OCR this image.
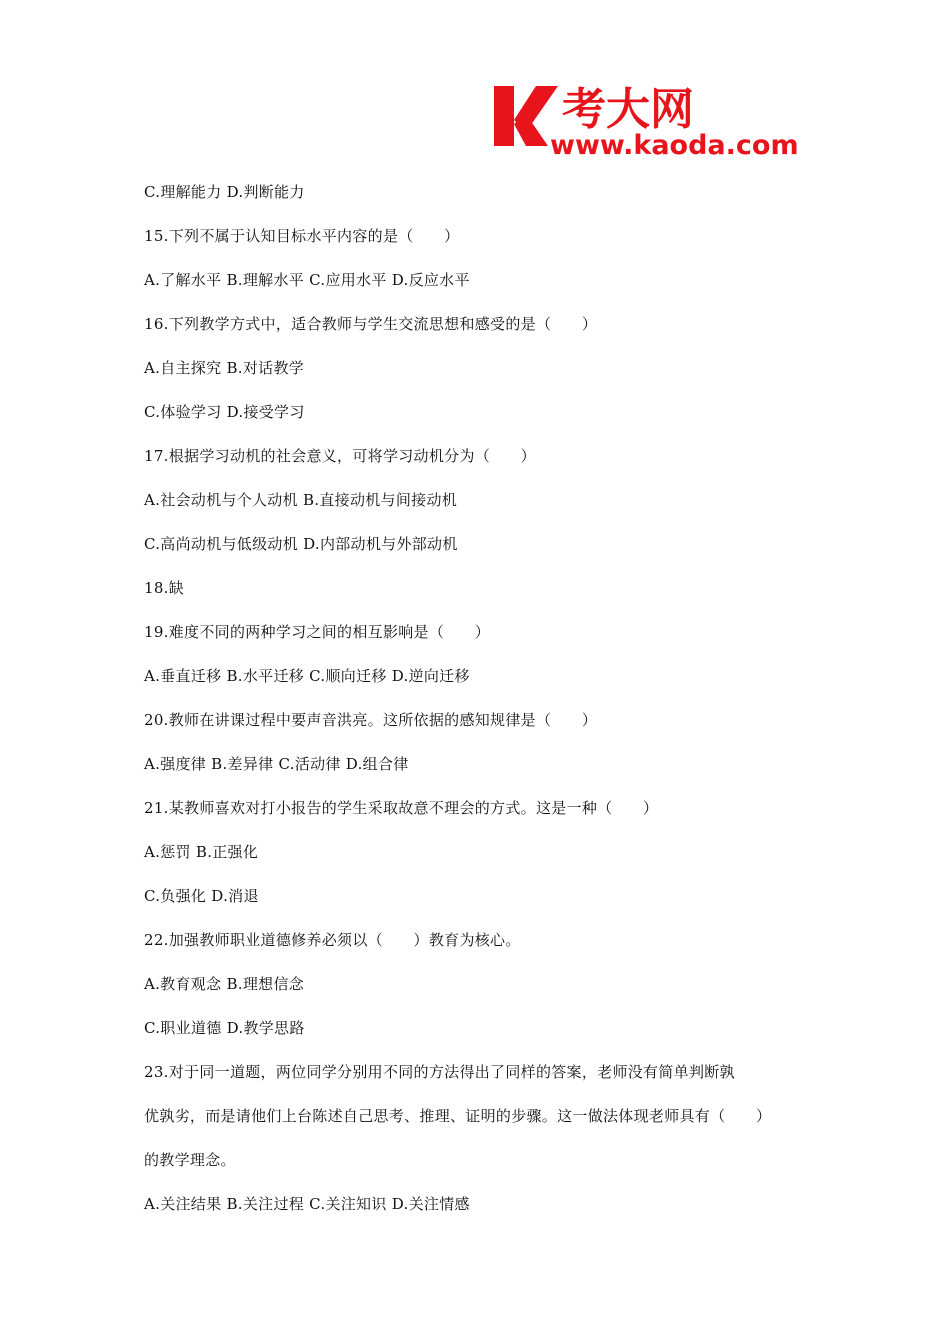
考大网
www.kaoda.com
C.理解能力 D.判断能力
15.下列不属于认知目标水平内容的是（　　）
A.了解水平 B.理解水平 C.应用水平 D.反应水平
16.下列教学方式中，适合教师与学生交流思想和感受的是（　　）
A.自主探究 B.对话教学
C.体验学习 D.接受学习
17.根据学习动机的社会意义，可将学习动机分为（　　）
A.社会动机与个人动机 B.直接动机与间接动机
C.高尚动机与低级动机 D.内部动机与外部动机
18.缺
19.难度不同的两种学习之间的相互影响是（　　）
A.垂直迁移 B.水平迁移 C.顺向迁移 D.逆向迁移
20.教师在讲课过程中要声音洪亮。这所依据的感知规律是（　　）
A.强度律 B.差异律 C.活动律 D.组合律
21.某教师喜欢对打小报告的学生采取故意不理会的方式。这是一种（　　）
A.惩罚 B.正强化
C.负强化 D.消退
22.加强教师职业道德修养必须以（　　）教育为核心。
A.教育观念 B.理想信念
C.职业道德 D.教学思路
23.对于同一道题，两位同学分别用不同的方法得出了同样的答案，老师没有简单判断孰
优孰劣，而是请他们上台陈述自己思考、推理、证明的步骤。这一做法体现老师具有（　　）
的教学理念。
A.关注结果 B.关注过程 C.关注知识 D.关注情感
